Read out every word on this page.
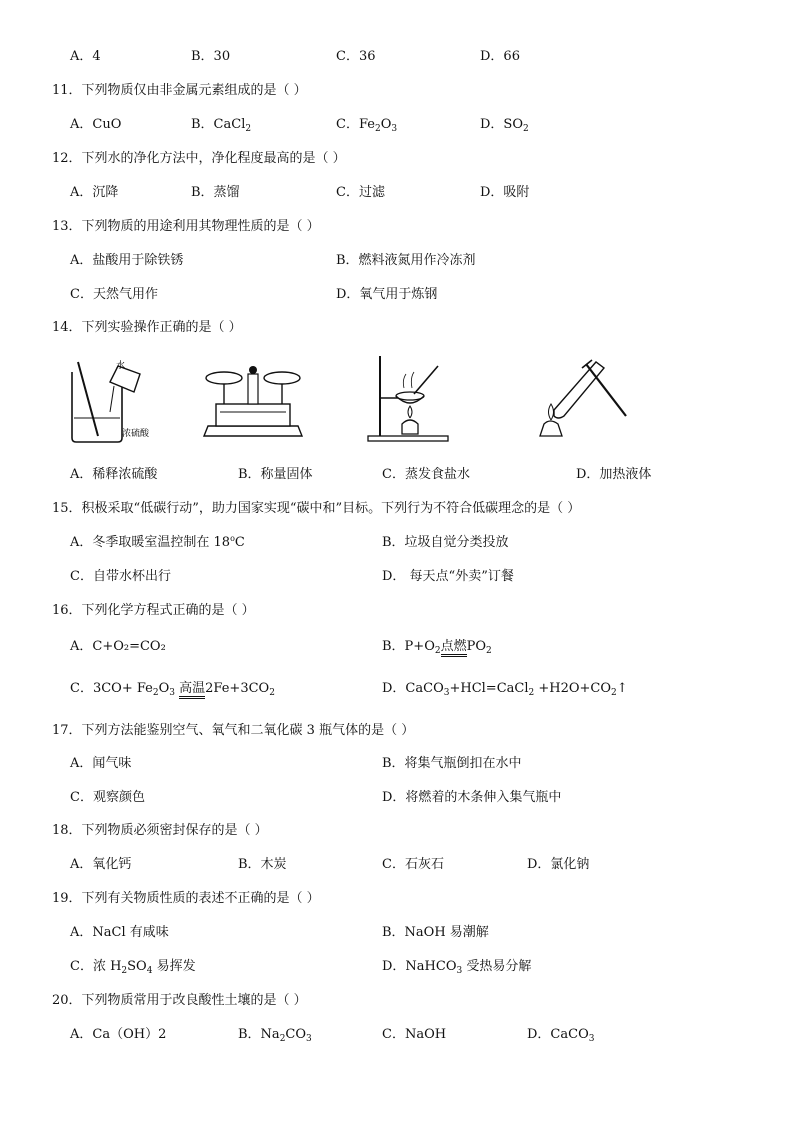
A．4	B．30	C．36	D．66
11．下列物质仅由非金属元素组成的是（ ）
A．CuO	B．CaCl$_2$	C．$Fe_2O_3$	D．$SO_2$
12．下列水的净化方法中，净化程度最高的是（ ）
A．沉降	B．蒸馏	C．过滤	D．吸附
13．下列物质的用途利用其物理性质的是（ ）
A．盐酸用于除铁锈	B．燃料液氮用作冷冻剂
C．天然气用作	D．氧气用于炼钢
14．下列实验操作正确的是（ ）
水
浓硫酸
A．稀释浓硫酸	B．称量固体	C．蒸发食盐水	D．加热液体
15．积极采取“低碳行动”，助力国家实现“碳中和”目标。下列行为不符合低碳理念的是（ ）
A．冬季取暖室温控制在 18$^o$C	B．垃圾自觉分类投放
C．自带水杯出行	D． 每天点“外卖”订餐
16．下列化学方程式正确的是（ ）
A．C+O₂=CO₂	B．$P+O_2$点燃$PO_2$
C．$3CO+ Fe_2O_3$ 高温$2Fe+3CO_2$	D．CaCO$_3$+HCl=CaCl$_2$ $+H2O+CO_2↑$
17．下列方法能鉴别空气、氧气和二氧化碳 3 瓶气体的是（ ）
A．闻气味	B．将集气瓶倒扣在水中
C．观察颜色	D．将燃着的木条伸入集气瓶中
18．下列物质必须密封保存的是（ ）
A．氧化钙	B．木炭	C．石灰石	D．氯化钠
19．下列有关物质性质的表述不正确的是（ ）
A．NaCl 有咸味	B．NaOH 易潮解
C．浓 $H_2SO_4$ 易挥发	D．NaHCO$_3$ 受热易分解
20．下列物质常用于改良酸性土壤的是（ ）
A．Ca（OH）2	B．$Na_2CO_3$	C．NaOH	D．CaCO$_3$
